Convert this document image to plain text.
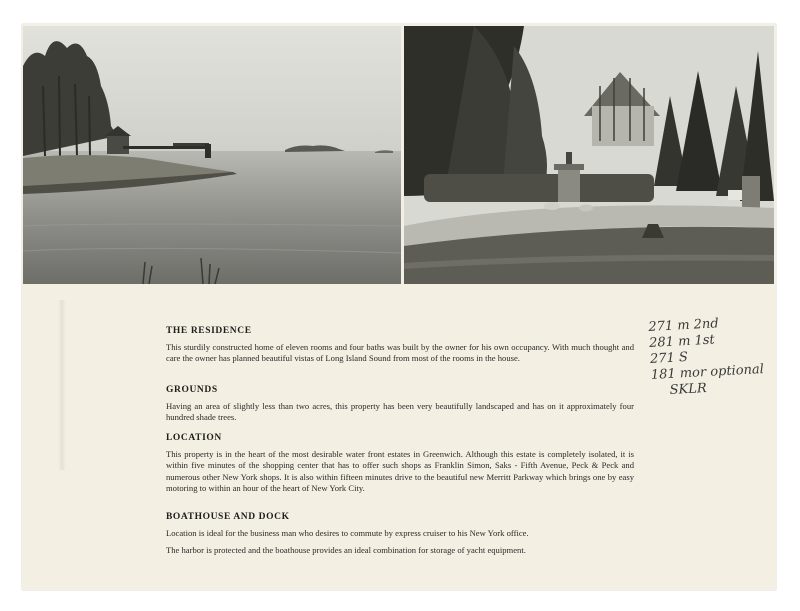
THE RESIDENCE

This sturdily constructed home of eleven rooms and four baths was built by the owner for his own occupancy. With much thought and care the owner has planned beautiful vistas of Long Island Sound from most of the rooms in the house.

GROUNDS

Having an area of slightly less than two acres, this property has been very beautifully landscaped and has on it approximately four hundred shade trees.

LOCATION

This property is in the heart of the most desirable water front estates in Greenwich. Although this estate is completely isolated, it is within five minutes of the shopping center that has to offer such shops as Franklin Simon, Saks - Fifth Avenue, Peck & Peck and numerous other New York shops. It is also within fifteen minutes drive to the beautiful new Merritt Parkway which brings one by easy motoring to within an hour of the heart of New York City.

BOATHOUSE AND DOCK

Location is ideal for the business man who desires to commute by express cruiser to his New York office.

The harbor is protected and the boathouse provides an ideal combination for storage of yacht equipment.

271 m 2nd
281 m 1st
271 S
181 mor optional
SKLR
